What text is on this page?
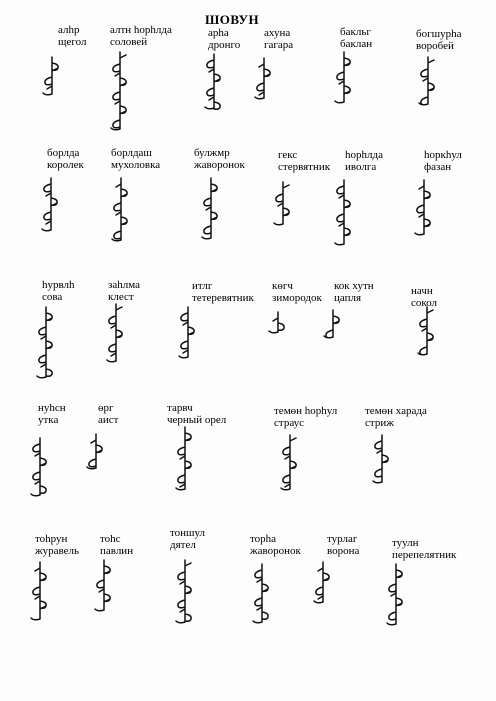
ШОВУН
алһр
щегол
алтн һорһлда
соловей
арһа
дронго
ахуна
гагара
бакльг
баклан
богшурһа
воробей
борлда
королек
борлдаш
мухоловка
булжмр
жаворонок
гекс
стервятник
һорһлда
иволга
һоркһул
фазан
һурвлһ
сова
заһлма
клест
итлг
тетеревятник
көгч
зимородок
кок хутн
цапля
начн
сокол
нуhсн
утка
өрг
аист
тарвч
черный орел
темөн һорһул
страус
темөн харада
стриж
тоһрун
журавель
тоhс
павлин
тоншул
дятел	торһа
жаворонок
турлаг
ворона
туулн
перепелятник
